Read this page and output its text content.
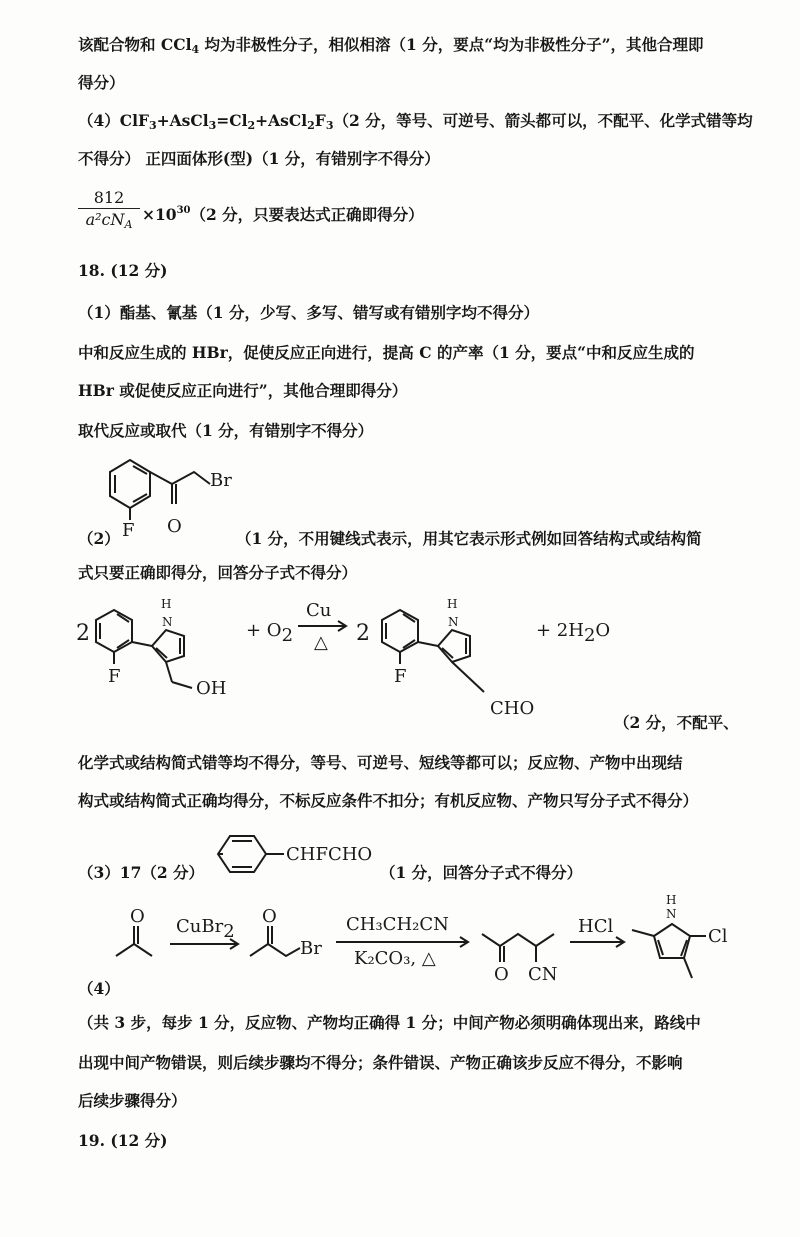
该配合物和 CCl$_4$ 均为非极性分子，相似相溶（1 分，要点“均为非极性分子”，其他合理即
得分）
$(4)ClF_3+AsCl_3=Cl_2+AsCl_2F_3(2$ 分，等号、可逆号、箭头都可以，不配平、化学式错等均
不得分） 正四面体形(型)（1 分，有错别字不得分）
812
$a^2cN_A$
$\times 10^{30}(2$ 分，只要表达式正确即得分）
18. (12 分)
（1）酯基、氰基（1 分，少写、多写、错写或有错别字均不得分）
中和反应生成的 HBr，促使反应正向进行，提高 C 的产率（1 分，要点“中和反应生成的
HBr 或促使反应正向进行”，其他合理即得分）
取代反应或取代（1 分，有错别字不得分）
Br
F O
（2）	（1 分，不用键线式表示，用其它表示形式例如回答结构式或结构简
式只要正确即得分，回答分子式不得分）
2
F
N
H
OH
+ O2
Cu
△ 2
F
N
H
CHO
+ 2H2O
（2 分，不配平、
化学式或结构简式错等均不得分，等号、可逆号、短线等都可以；反应物、产物中出现结
构式或结构简式正确均得分，不标反应条件不扣分；有机反应物、产物只写分子式不得分）
CHFCHO
（3）17（2 分）	（1 分，回答分子式不得分）
O CuBr2
O
Br
CH₃CH₂CN
K₂CO₃, △
O CN
HCl
N
H
Cl
（4）
（共 3 步，每步 1 分，反应物、产物均正确得 1 分；中间产物必须明确体现出来，路线中
出现中间产物错误，则后续步骤均不得分；条件错误、产物正确该步反应不得分，不影响
后续步骤得分）
19. (12 分)
